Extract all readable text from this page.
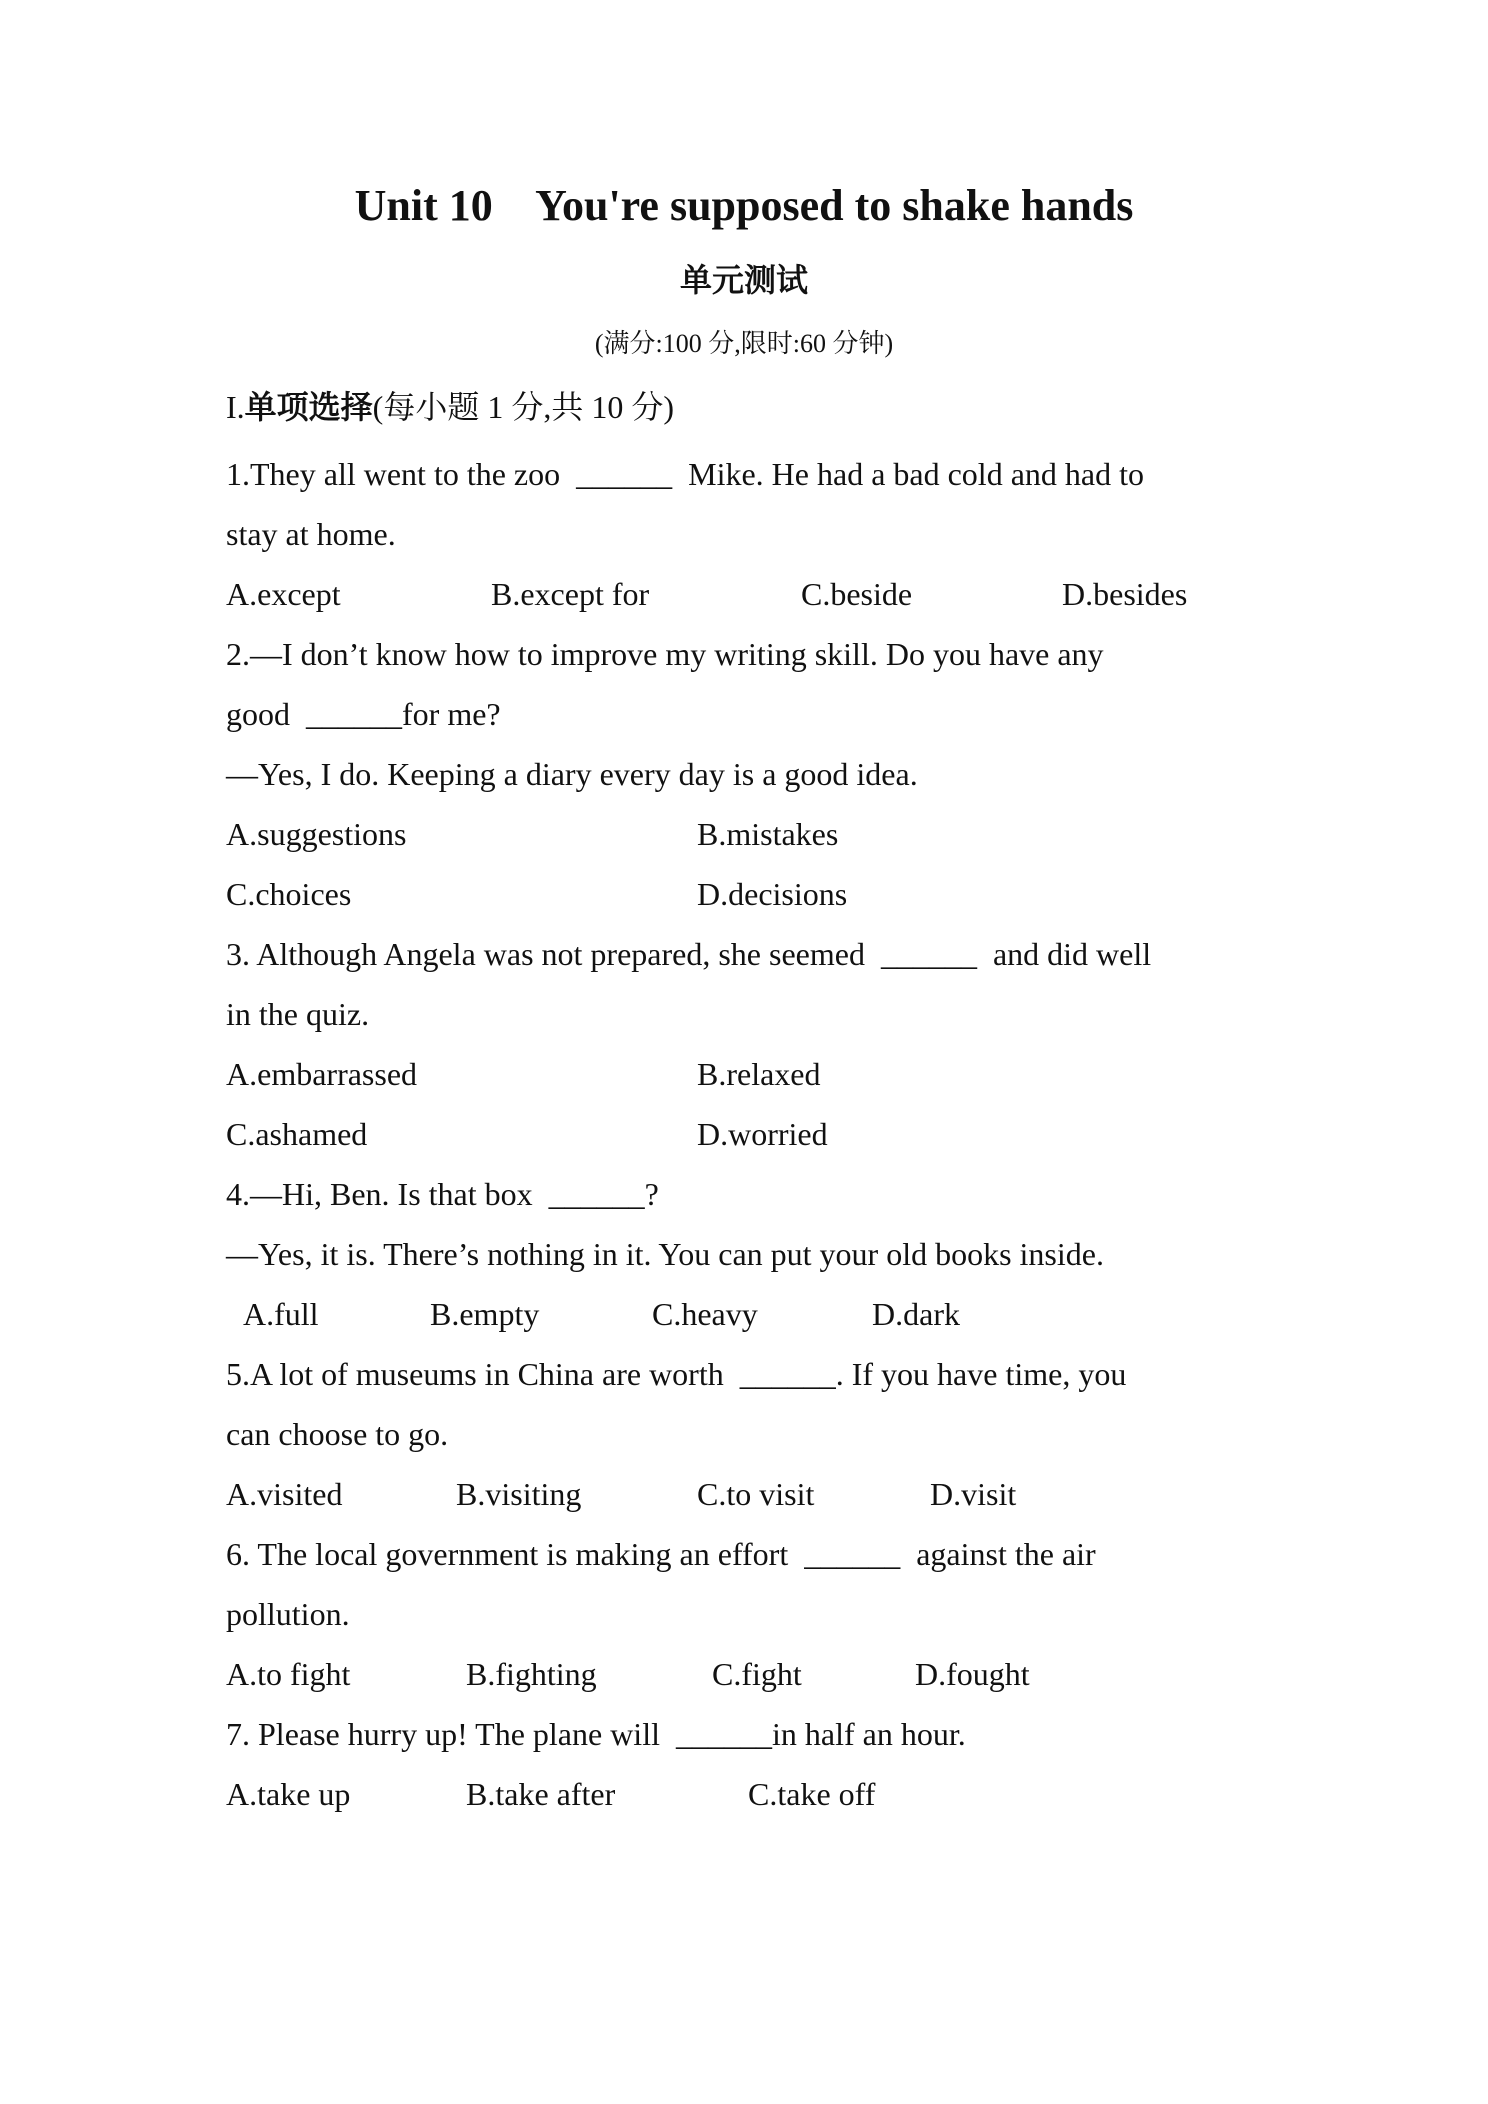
Unit 10    You're supposed to shake hands
单元测试
(满分:100 分,限时:60 分钟)
I.单项选择(每小题 1 分,共 10 分)
1.They all went to the zoo  ______  Mike. He had a bad cold and had to
stay at home.
A.except	B.except for	C.beside	D.besides
2.—I don’t know how to improve my writing skill. Do you have any
good  ______for me?
—Yes, I do. Keeping a diary every day is a good idea.
A.suggestions	B.mistakes
C.choices	D.decisions
3. Although Angela was not prepared, she seemed  ______  and did well
in the quiz.
A.embarrassed	B.relaxed
C.ashamed	D.worried
4.—Hi, Ben. Is that box  ______?
—Yes, it is. There’s nothing in it. You can put your old books inside.
A.full	B.empty	C.heavy	D.dark
5.A lot of museums in China are worth  ______. If you have time, you
can choose to go.
A.visited	B.visiting	C.to visit	D.visit
6. The local government is making an effort  ______  against the air
pollution.
A.to fight	B.fighting	C.fight	D.fought
7. Please hurry up! The plane will  ______in half an hour.
A.take up	B.take after	C.take off
